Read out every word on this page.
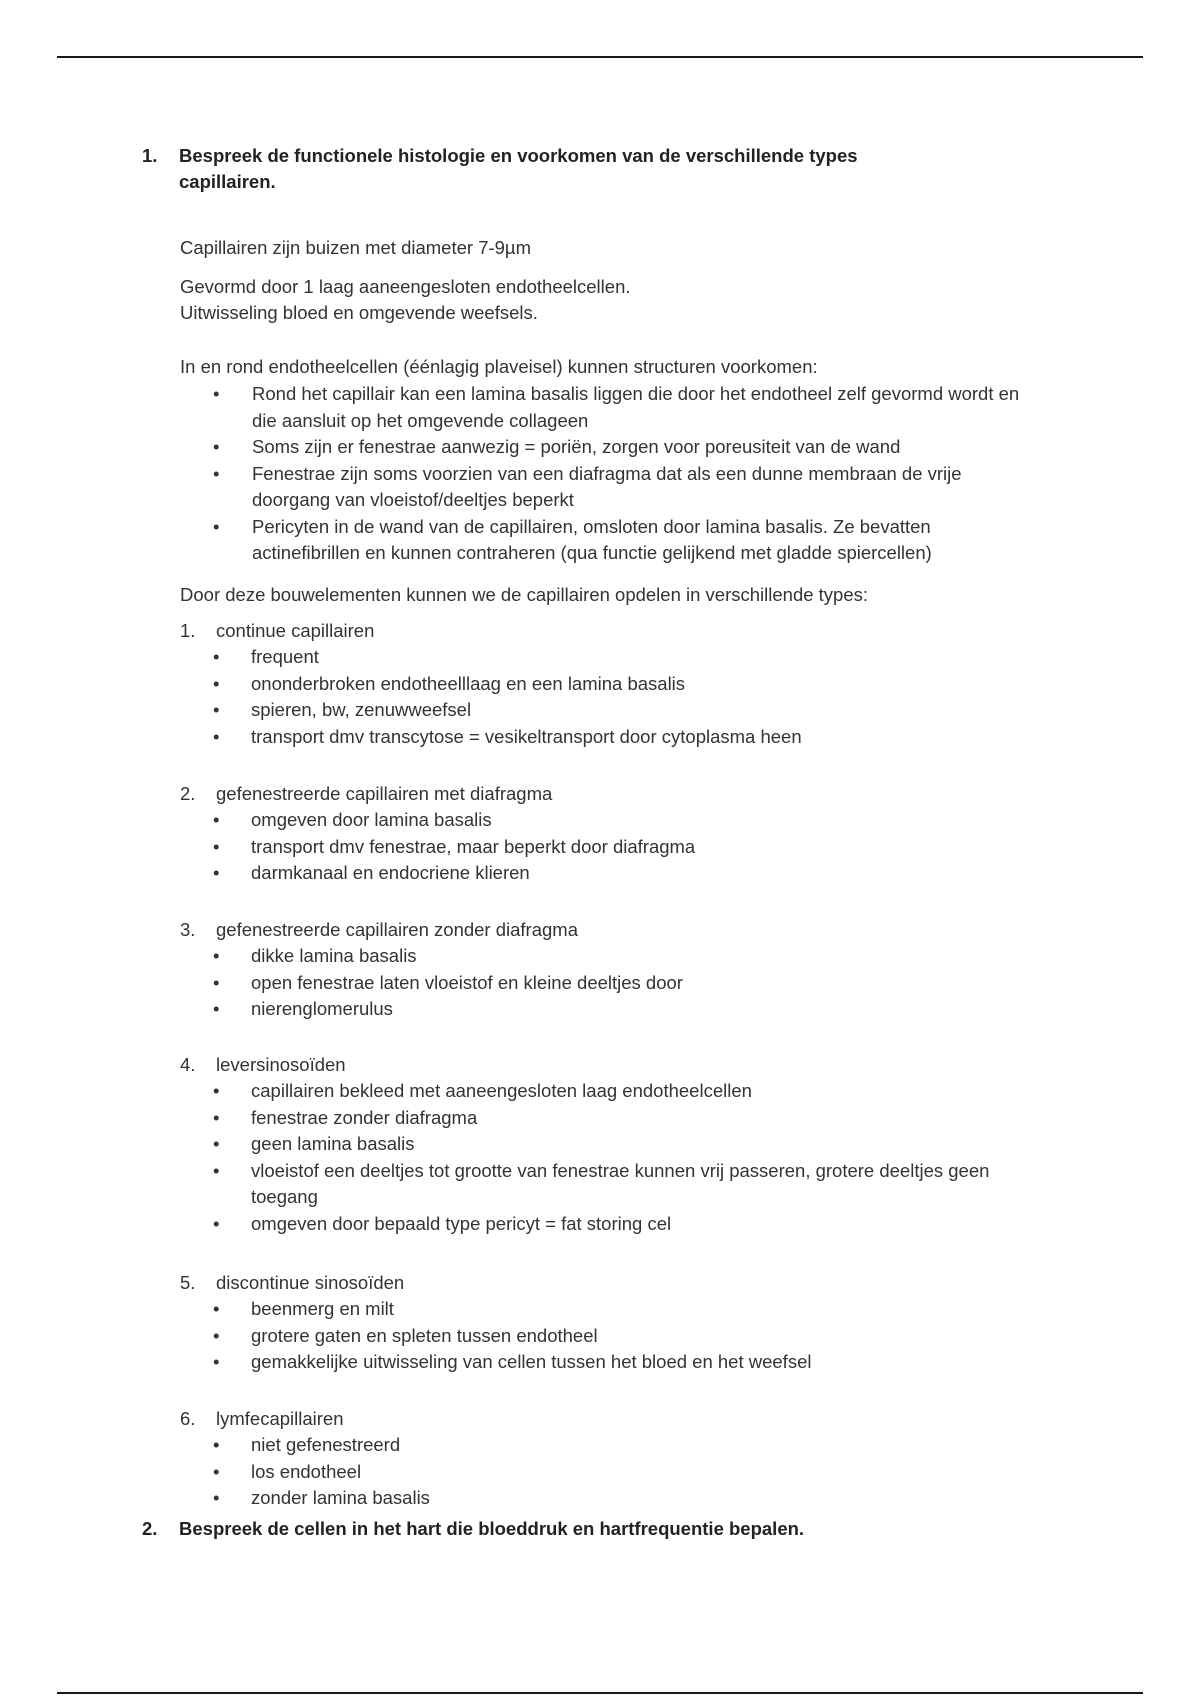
1.	Bespreek de functionele histologie en voorkomen van de verschillende types capillairen.
Capillairen zijn buizen met diameter 7-9µm
Gevormd door 1 laag aaneengesloten endotheelcellen.
Uitwisseling bloed en omgevende weefsels.
In en rond endotheelcellen (éénlagig plaveisel) kunnen structuren voorkomen:
• Rond het capillair kan een lamina basalis liggen die door het endotheel zelf gevormd wordt en die aansluit op het omgevende collageen
• Soms zijn er fenestrae aanwezig = poriën, zorgen voor poreusiteit van de wand
• Fenestrae zijn soms voorzien van een diafragma dat als een dunne membraan de vrije doorgang van vloeistof/deeltjes beperkt
• Pericyten in de wand van de capillairen, omsloten door lamina basalis. Ze bevatten actinefibrillen en kunnen contraheren (qua functie gelijkend met gladde spiercellen)
Door deze bouwelementen kunnen we de capillairen opdelen in verschillende types:
1. continue capillairen
• frequent
• ononderbroken endotheelllaag en een lamina basalis
• spieren, bw, zenuwweefsel
• transport dmv transcytose = vesikeltransport door cytoplasma heen
2. gefenestreerde capillairen met diafragma
• omgeven door lamina basalis
• transport dmv fenestrae, maar beperkt door diafragma
• darmkanaal en endocriene klieren
3. gefenestreerde capillairen zonder diafragma
• dikke lamina basalis
• open fenestrae laten vloeistof en kleine deeltjes door
• nierenglomerulus
4. leversinosoïden
• capillairen bekleed met aaneengesloten laag endotheelcellen
• fenestrae zonder diafragma
• geen lamina basalis
• vloeistof een deeltjes tot grootte van fenestrae kunnen vrij passeren, grotere deeltjes geen toegang
• omgeven door bepaald type pericyt = fat storing cel
5. discontinue sinosoïden
• beenmerg en milt
• grotere gaten en spleten tussen endotheel
• gemakkelijke uitwisseling van cellen tussen het bloed en het weefsel
6. lymfecapillairen
• niet gefenestreerd
• los endotheel
• zonder lamina basalis
2.	Bespreek de cellen in het hart die bloeddruk en hartfrequentie bepalen.
